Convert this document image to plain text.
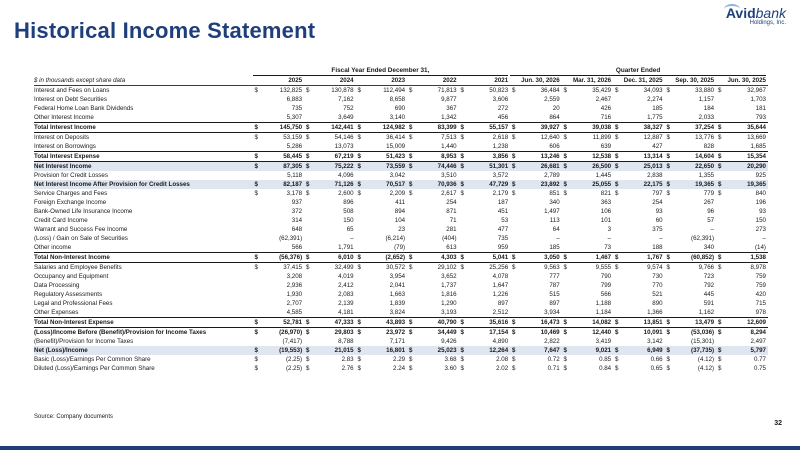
Historical Income Statement
Avidbank
Holdings, Inc.

	Fiscal Year Ended December 31,										Quarter Ended									

$ in thousands except share data	2025		2024		2023		2022		2021		Jun. 30, 2026		Mar. 31, 2026		Dec. 31, 2025		Sep. 30, 2025		Jun. 30, 2025	
Interest and Fees on Loans	$	132,825	$	130,878	$	112,494	$	71,813	$	50,823	$	36,484	$	35,429	$	34,093	$	33,880	$	32,967
Interest on Debt Securities		6,883		7,162		8,658		9,877		3,606		2,559		2,467		2,274		1,157		1,703
Federal Home Loan Bank Dividends		735		752		690		367		272		20		426		185		184		181
Other Interest Income		5,307		3,649		3,140		1,342		456		864		716		1,775		2,033		793
Total Interest Income	$	145,750	$	142,441	$	124,982	$	83,399	$	55,157	$	39,927	$	39,038	$	38,327	$	37,254	$	35,644
Interest on Deposits	$	53,159	$	54,146	$	36,414	$	7,513	$	2,618	$	12,640	$	11,899	$	12,887	$	13,776	$	13,669
Interest on Borrowings		5,286		13,073		15,009		1,440		1,238		606		639		427		828		1,685
Total Interest Expense	$	58,445	$	67,219	$	51,423	$	8,953	$	3,856	$	13,246	$	12,538	$	13,314	$	14,604	$	15,354
Net Interest Income	$	87,305	$	75,222	$	73,559	$	74,446	$	51,301	$	26,681	$	26,500	$	25,013	$	22,650	$	20,290
Provision for Credit Losses		5,118		4,096		3,042		3,510		3,572		2,789		1,445		2,838		1,355		925
Net Interest Income After Provision for Credit Losses	$	82,187	$	71,126	$	70,517	$	70,936	$	47,729	$	23,892	$	25,055	$	22,175	$	19,365	$	19,365
Service Charges and Fees	$	3,178	$	2,600	$	2,209	$	2,617	$	2,179	$	851	$	821	$	797	$	779	$	840
Foreign Exchange Income		937		896		411		254		187		340		363		254		267		196
Bank-Owned Life Insurance Income		372		508		894		871		451		1,497		106		93		96		93
Credit Card Income		314		150		104		71		53		113		101		60		57		150
Warrant and Success Fee Income		648		65		23		281		477		64		3		375		–		273
(Loss) / Gain on Sale of Securities		(62,391)		–		(6,214)		(404)		735		–		–		–		(62,391)		–
Other income		566		1,791		(79)		613		959		185		73		188		340		(14)
Total Non-Interest Income	$	(56,376)	$	6,010	$	(2,652)	$	4,303	$	5,041	$	3,050	$	1,467	$	1,767	$	(60,852)	$	1,538
Salaries and Employee Benefits	$	37,415	$	32,499	$	30,572	$	29,102	$	25,256	$	9,563	$	9,555	$	9,574	$	9,766	$	8,978
Occupancy and Equipment		3,208		4,019		3,954		3,652		4,078		777		790		730		723		759
Data Processing		2,936		2,412		2,041		1,737		1,647		787		799		770		792		759
Regulatory Assessments		1,930		2,083		1,663		1,816		1,226		515		566		521		445		420
Legal and Professional Fees		2,707		2,139		1,839		1,290		897		897		1,188		890		591		715
Other Expenses		4,585		4,181		3,824		3,193		2,512		3,934		1,184		1,366		1,162		978
Total Non-Interest Expense	$	52,781	$	47,333	$	43,893	$	40,790	$	35,616	$	16,473	$	14,082	$	13,851	$	13,479	$	12,609
(Loss)/Income Before (Benefit)/Provision for Income Taxes	$	(26,970)	$	29,803	$	23,972	$	34,449	$	17,154	$	10,469	$	12,440	$	10,091	$	(53,036)	$	8,294
(Benefit)/Provision for Income Taxes		(7,417)		8,788		7,171		9,426		4,890		2,822		3,419		3,142		(15,301)		2,497
Net (Loss)/Income	$	(19,553)	$	21,015	$	16,801	$	25,023	$	12,264	$	7,647	$	9,021	$	6,949	$	(37,735)	$	5,797
Basic (Loss)/Earnings Per Common Share	$	(2.25)	$	2.83	$	2.29	$	3.68	$	2.08	$	0.72	$	0.85	$	0.66	$	(4.12)	$	0.77
Diluted (Loss)/Earnings Per Common Share	$	(2.25)	$	2.76	$	2.24	$	3.60	$	2.02	$	0.71	$	0.84	$	0.65	$	(4.12)	$	0.75
Source: Company documents
32
